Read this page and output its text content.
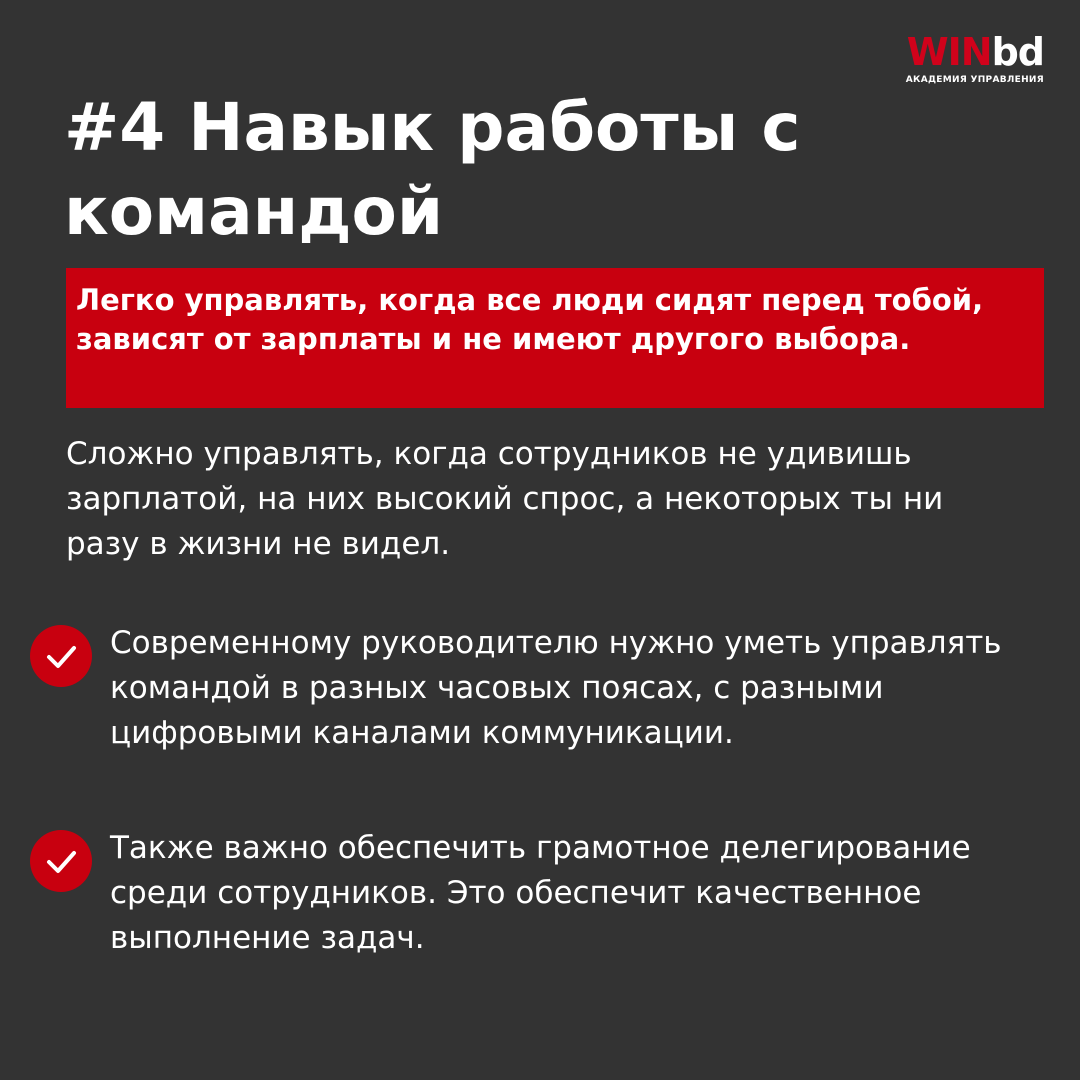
WINbd
АКАДЕМИЯ УПРАВЛЕНИЯ
#4 Навык работы с командой
Легко управлять, когда все люди сидят перед тобой, зависят от зарплаты и не имеют другого выбора.
Сложно управлять, когда сотрудников не удивишь зарплатой, на них высокий спрос, а некоторых ты ни разу в жизни не видел.
Современному руководителю нужно уметь управлять командой в разных часовых поясах, с разными цифровыми каналами коммуникации.
Также важно обеспечить грамотное делегирование среди сотрудников. Это обеспечит качественное выполнение задач.
